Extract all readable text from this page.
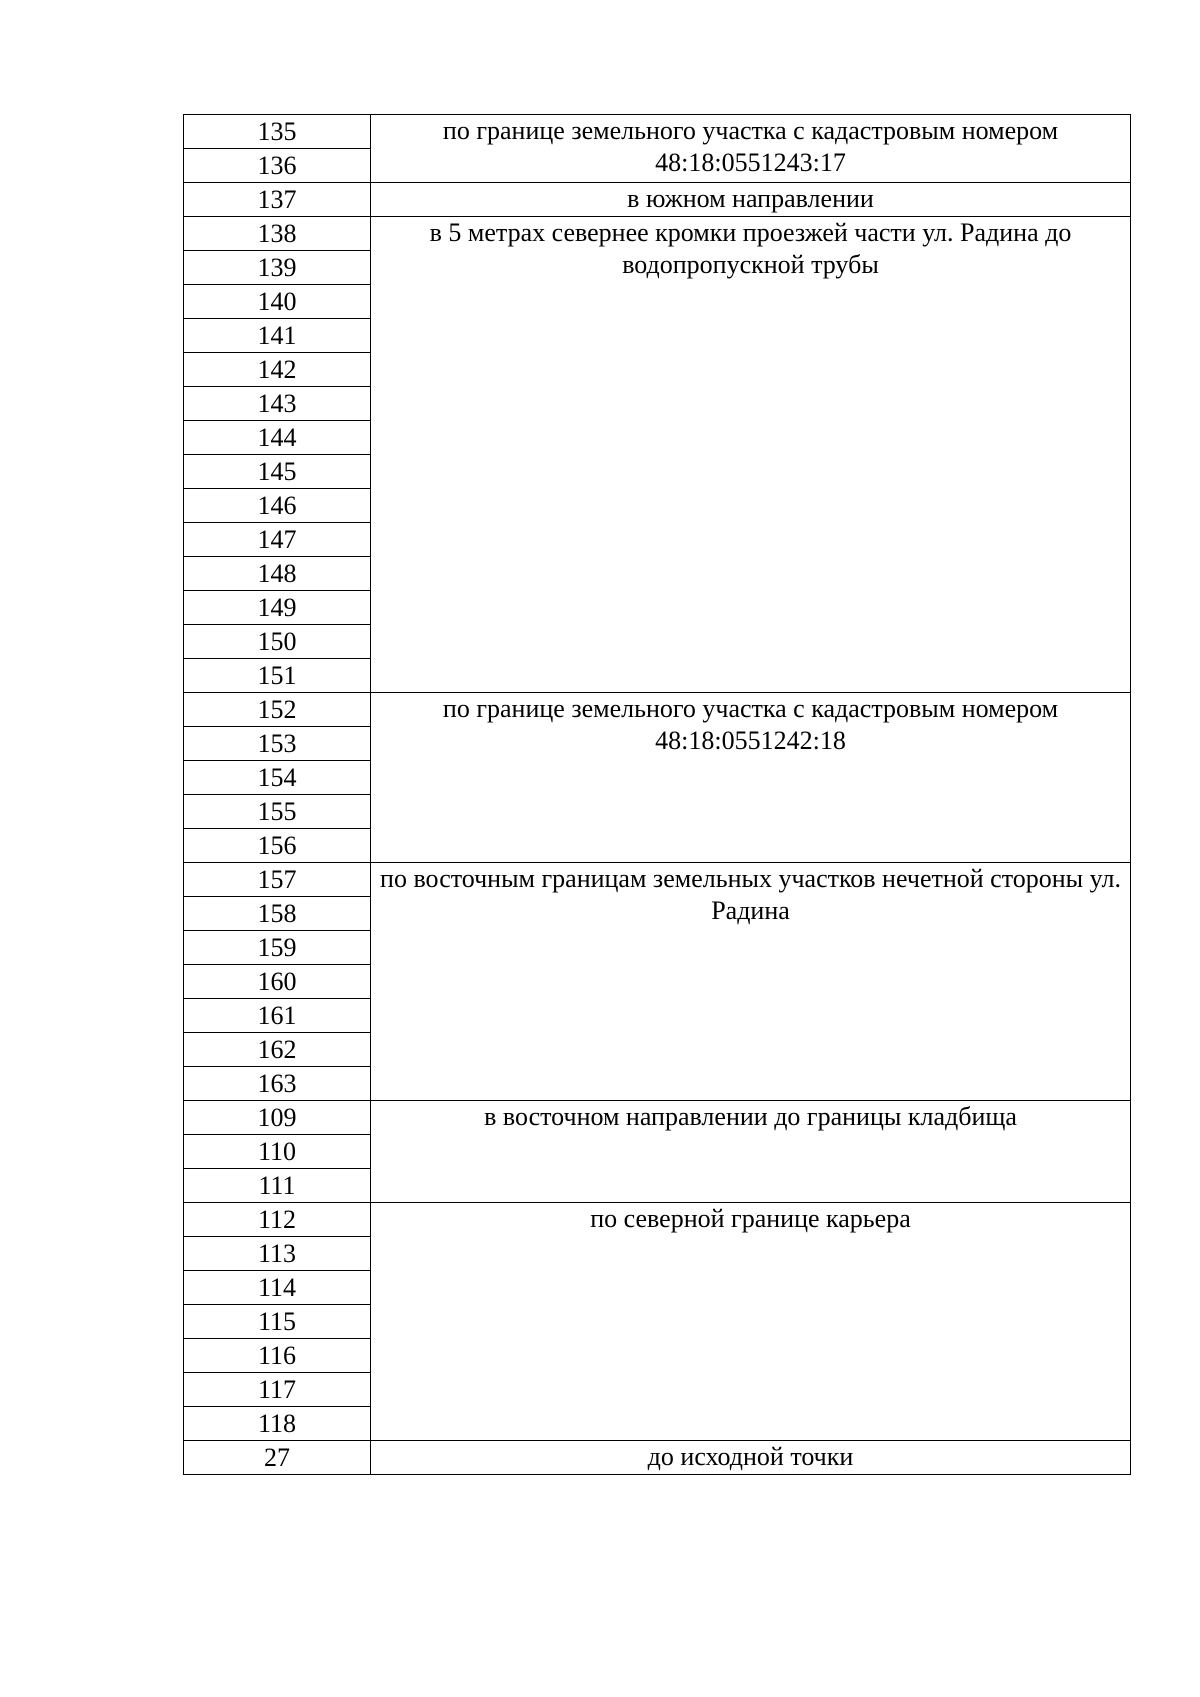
135	по границе земельного участка с кадастровым номером 48:18:0551243:17
136	
137	в южном направлении
138	в 5 метрах севернее кромки проезжей части ул. Радина до водопропускной трубы
139	
140	
141	
142	
143	
144	
145	
146	
147	
148	
149	
150	
151	
152	по границе земельного участка с кадастровым номером 48:18:0551242:18
153	
154	
155	
156	
157	по восточным границам земельных участков нечетной стороны ул. Радина
158	
159	
160	
161	
162	
163	
109	в восточном направлении до границы кладбища
110	
111	
112	по северной границе карьера
113	
114	
115	
116	
117	
118	
27	до исходной точки
